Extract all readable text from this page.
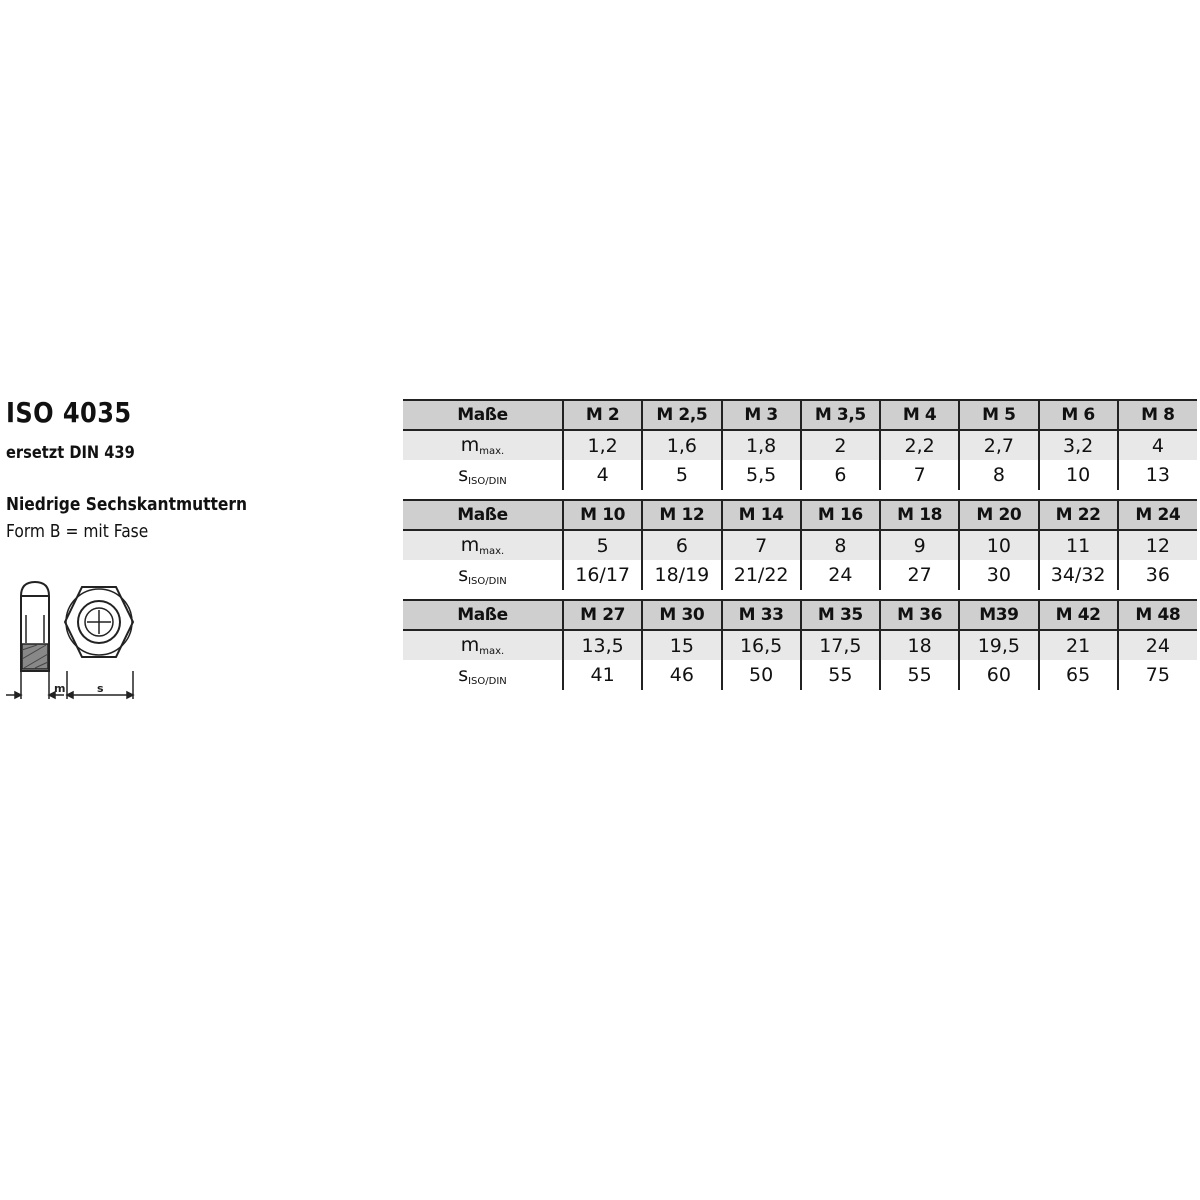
ISO 4035
ersetzt DIN 439
Niedrige Sechskantmuttern
Form B = mit Fase
m	s
Maße	M 2	M 2,5	M 3	M 3,5	M 4	M 5	M 6	M 8
$m_{max.}$	1,2	1,6	1,8	2	2,2	2,7	3,2	4
$s_{ISO/DIN}$	4	5	5,5	6	7	8	10	13
Maße	M 10	M 12	M 14	M 16	M 18	M 20	M 22	M 24
$m_{max.}$	5	6	7	8	9	10	11	12
$s_{ISO/DIN}$	16/17	18/19	21/22	24	27	30	34/32	36
Maße	M 27	M 30	M 33	M 35	M 36	M39	M 42	M 48
$m_{max.}$	13,5	15	16,5	17,5	18	19,5	21	24
$s_{ISO/DIN}$	41	46	50	55	55	60	65	75
